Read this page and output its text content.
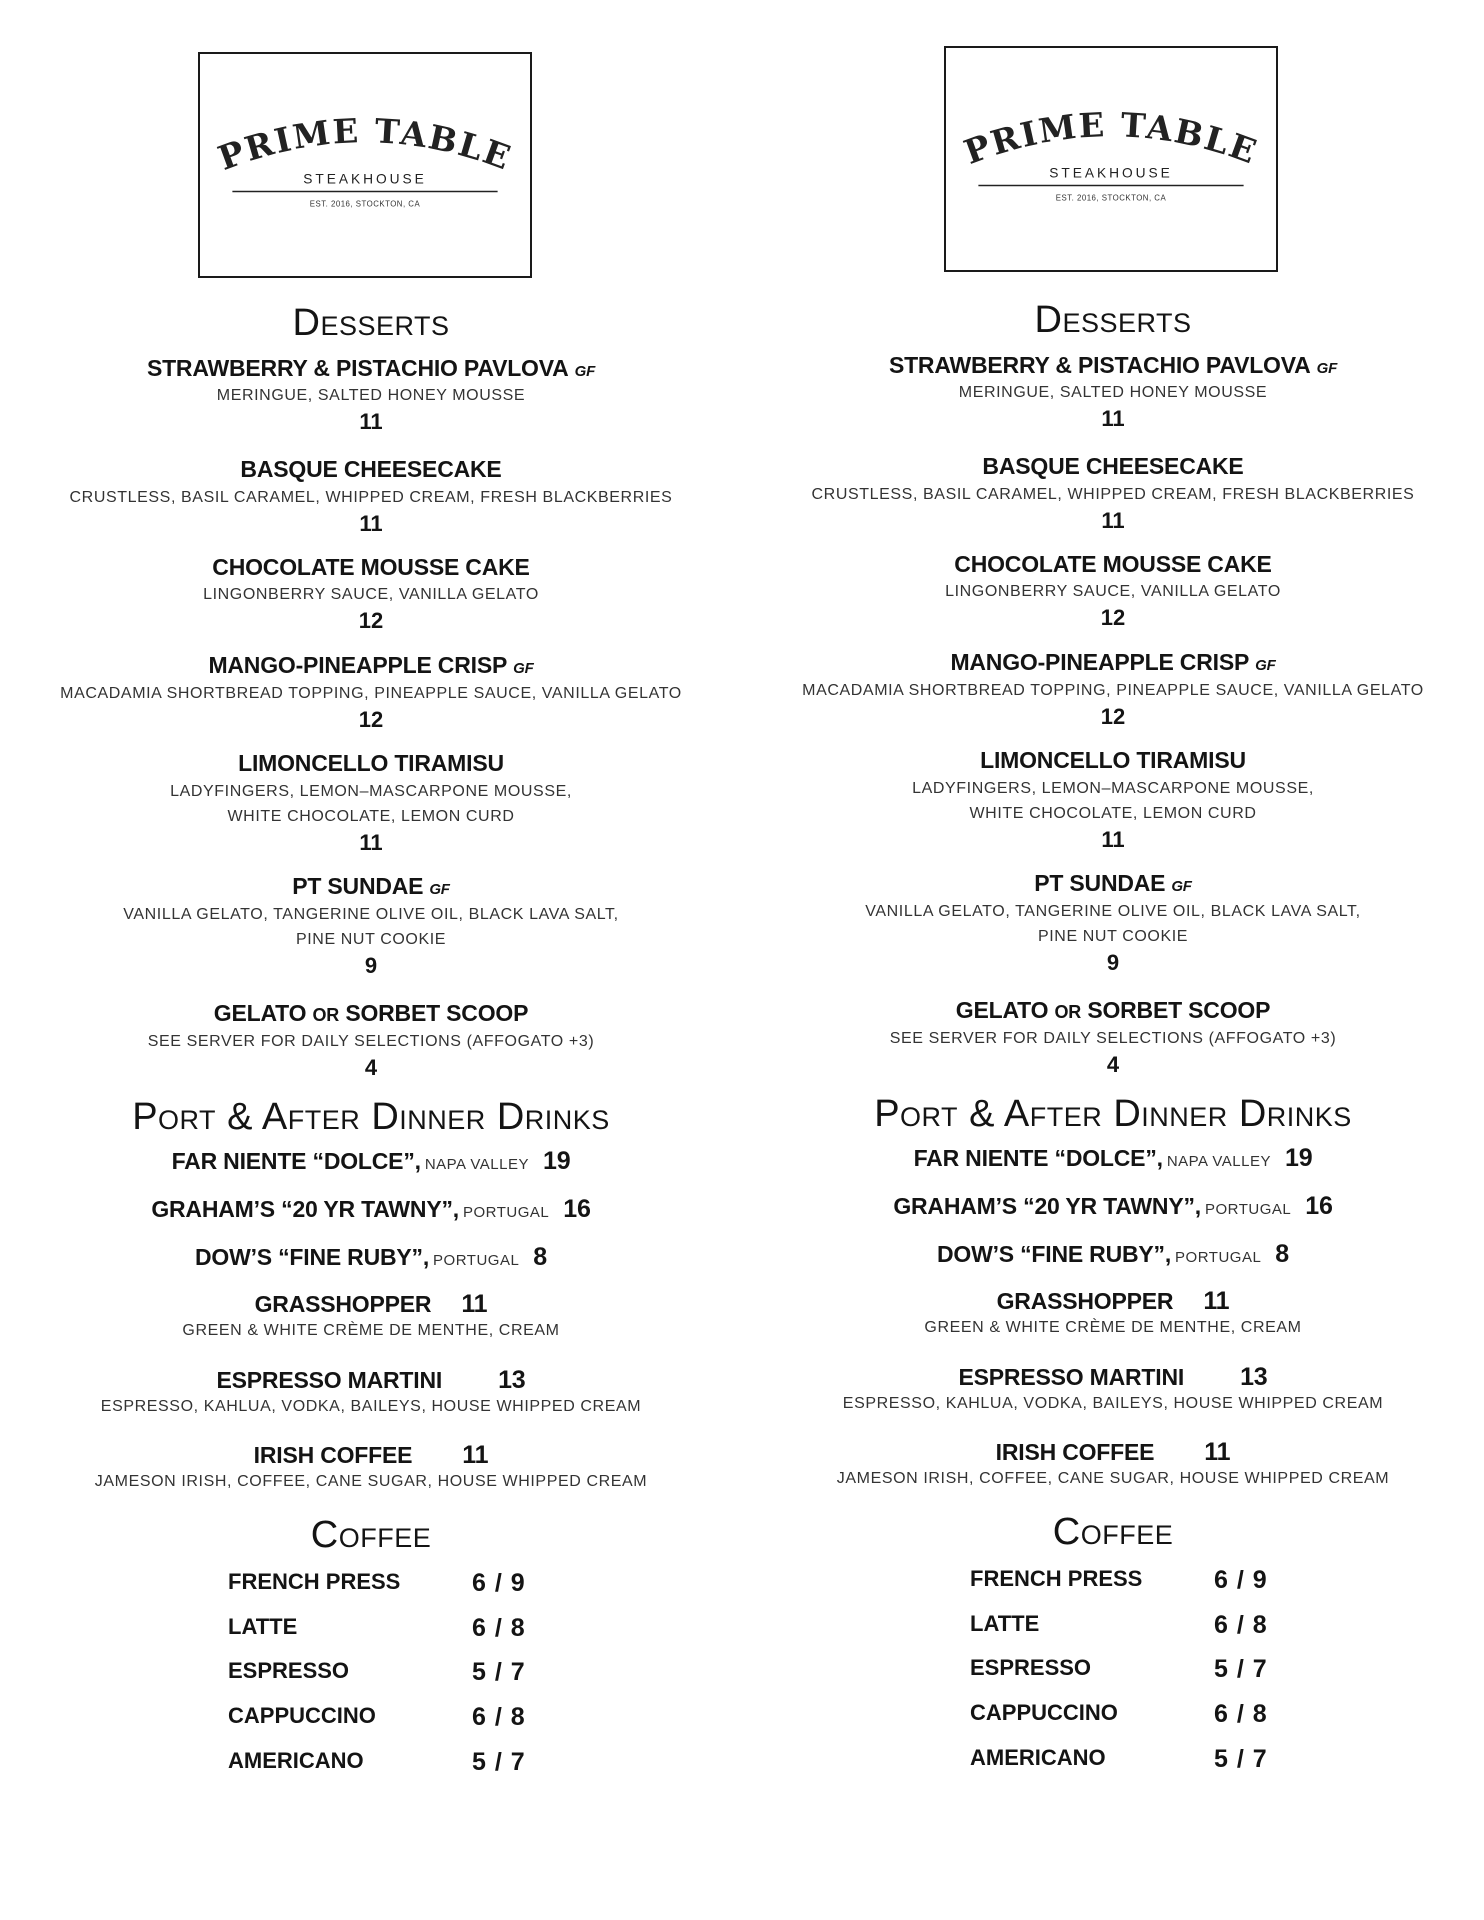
PRIME TABLE
STEAKHOUSE
EST. 2016, STOCKTON, CA
Desserts
STRAWBERRY & PISTACHIO PAVLOVA GF
MERINGUE, SALTED HONEY MOUSSE
11
BASQUE CHEESECAKE
CRUSTLESS, BASIL CARAMEL, WHIPPED CREAM, FRESH BLACKBERRIES
11
CHOCOLATE MOUSSE CAKE
LINGONBERRY SAUCE, VANILLA GELATO
12
MANGO-PINEAPPLE CRISP GF
MACADAMIA SHORTBREAD TOPPING, PINEAPPLE SAUCE, VANILLA GELATO
12
LIMONCELLO TIRAMISU
LADYFINGERS, LEMON–MASCARPONE MOUSSE,
WHITE CHOCOLATE, LEMON CURD
11
PT SUNDAE GF
VANILLA GELATO, TANGERINE OLIVE OIL, BLACK LAVA SALT,
PINE NUT COOKIE
9
GELATO OR SORBET SCOOP
SEE SERVER FOR DAILY SELECTIONS (AFFOGATO +3)
4
Port & After Dinner Drinks
FAR NIENTE “DOLCE”, NAPA VALLEY 19
GRAHAM’S “20 YR TAWNY”, PORTUGAL 16
DOW’S “FINE RUBY”, PORTUGAL 8
GRASSHOPPER 11
GREEN & WHITE CRÈME DE MENTHE, CREAM
ESPRESSO MARTINI 13
ESPRESSO, KAHLUA, VODKA, BAILEYS, HOUSE WHIPPED CREAM
IRISH COFFEE 11
JAMESON IRISH, COFFEE, CANE SUGAR, HOUSE WHIPPED CREAM
Coffee
FRENCH PRESS	6 / 9
LATTE	6 / 8
ESPRESSO	5 / 7
CAPPUCCINO	6 / 8
AMERICANO	5 / 7
PRIME TABLE
STEAKHOUSE
EST. 2016, STOCKTON, CA
Desserts
STRAWBERRY & PISTACHIO PAVLOVA GF
MERINGUE, SALTED HONEY MOUSSE
11
BASQUE CHEESECAKE
CRUSTLESS, BASIL CARAMEL, WHIPPED CREAM, FRESH BLACKBERRIES
11
CHOCOLATE MOUSSE CAKE
LINGONBERRY SAUCE, VANILLA GELATO
12
MANGO-PINEAPPLE CRISP GF
MACADAMIA SHORTBREAD TOPPING, PINEAPPLE SAUCE, VANILLA GELATO
12
LIMONCELLO TIRAMISU
LADYFINGERS, LEMON–MASCARPONE MOUSSE,
WHITE CHOCOLATE, LEMON CURD
11
PT SUNDAE GF
VANILLA GELATO, TANGERINE OLIVE OIL, BLACK LAVA SALT,
PINE NUT COOKIE
9
GELATO OR SORBET SCOOP
SEE SERVER FOR DAILY SELECTIONS (AFFOGATO +3)
4
Port & After Dinner Drinks
FAR NIENTE “DOLCE”, NAPA VALLEY 19
GRAHAM’S “20 YR TAWNY”, PORTUGAL 16
DOW’S “FINE RUBY”, PORTUGAL 8
GRASSHOPPER 11
GREEN & WHITE CRÈME DE MENTHE, CREAM
ESPRESSO MARTINI 13
ESPRESSO, KAHLUA, VODKA, BAILEYS, HOUSE WHIPPED CREAM
IRISH COFFEE 11
JAMESON IRISH, COFFEE, CANE SUGAR, HOUSE WHIPPED CREAM
Coffee
FRENCH PRESS	6 / 9
LATTE	6 / 8
ESPRESSO	5 / 7
CAPPUCCINO	6 / 8
AMERICANO	5 / 7
